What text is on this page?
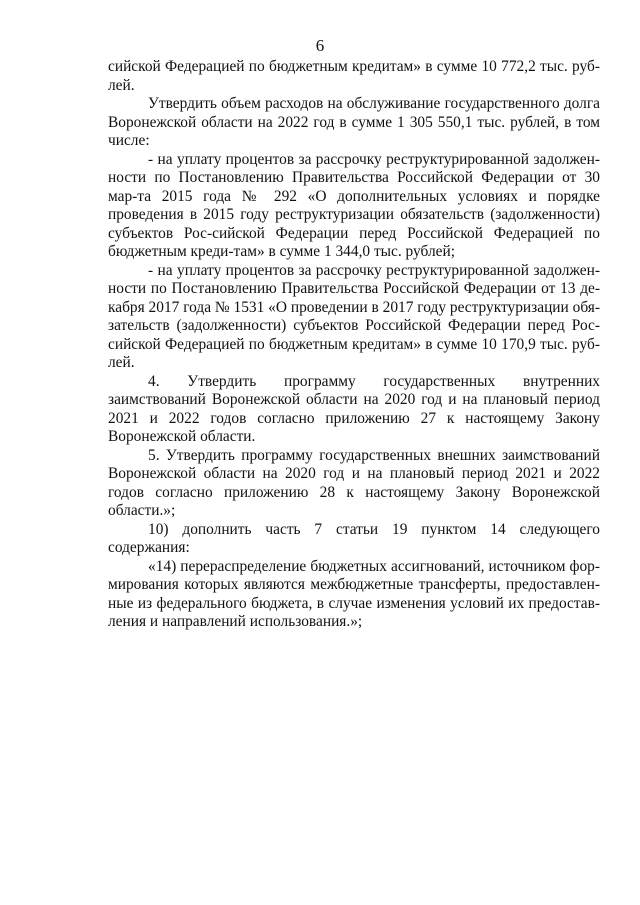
6

сийской Федерацией по бюджетным кредитам» в сумме 10 772,2 тыс. руб-лей.

Утвердить объем расходов на обслуживание государственного долга Воронежской области на 2022 год в сумме 1 305 550,1 тыс. рублей, в том числе:

- на уплату процентов за рассрочку реструктурированной задолжен-ности по Постановлению Правительства Российской Федерации от 30 мар-та 2015 года № 292 «О дополнительных условиях и порядке проведения в 2015 году реструктуризации обязательств (задолженности) субъектов Рос-сийской Федерации перед Российской Федерацией по бюджетным креди-там» в сумме 1 344,0 тыс. рублей;

- на уплату процентов за рассрочку реструктурированной задолжен-ности по Постановлению Правительства Российской Федерации от 13 де-кабря 2017 года № 1531 «О проведении в 2017 году реструктуризации обя-зательств (задолженности) субъектов Российской Федерации перед Рос-сийской Федерацией по бюджетным кредитам» в сумме 10 170,9 тыс. руб-лей.

4. Утвердить программу государственных внутренних заимствований Воронежской области на 2020 год и на плановый период 2021 и 2022 годов согласно приложению 27 к настоящему Закону Воронежской области.

5. Утвердить программу государственных внешних заимствований Воронежской области на 2020 год и на плановый период 2021 и 2022 годов согласно приложению 28 к настоящему Закону Воронежской области.»;

10) дополнить часть 7 статьи 19 пунктом 14 следующего содержания:

«14) перераспределение бюджетных ассигнований, источником фор-мирования которых являются межбюджетные трансферты, предоставлен-ные из федерального бюджета, в случае изменения условий их предостав-ления и направлений использования.»;
